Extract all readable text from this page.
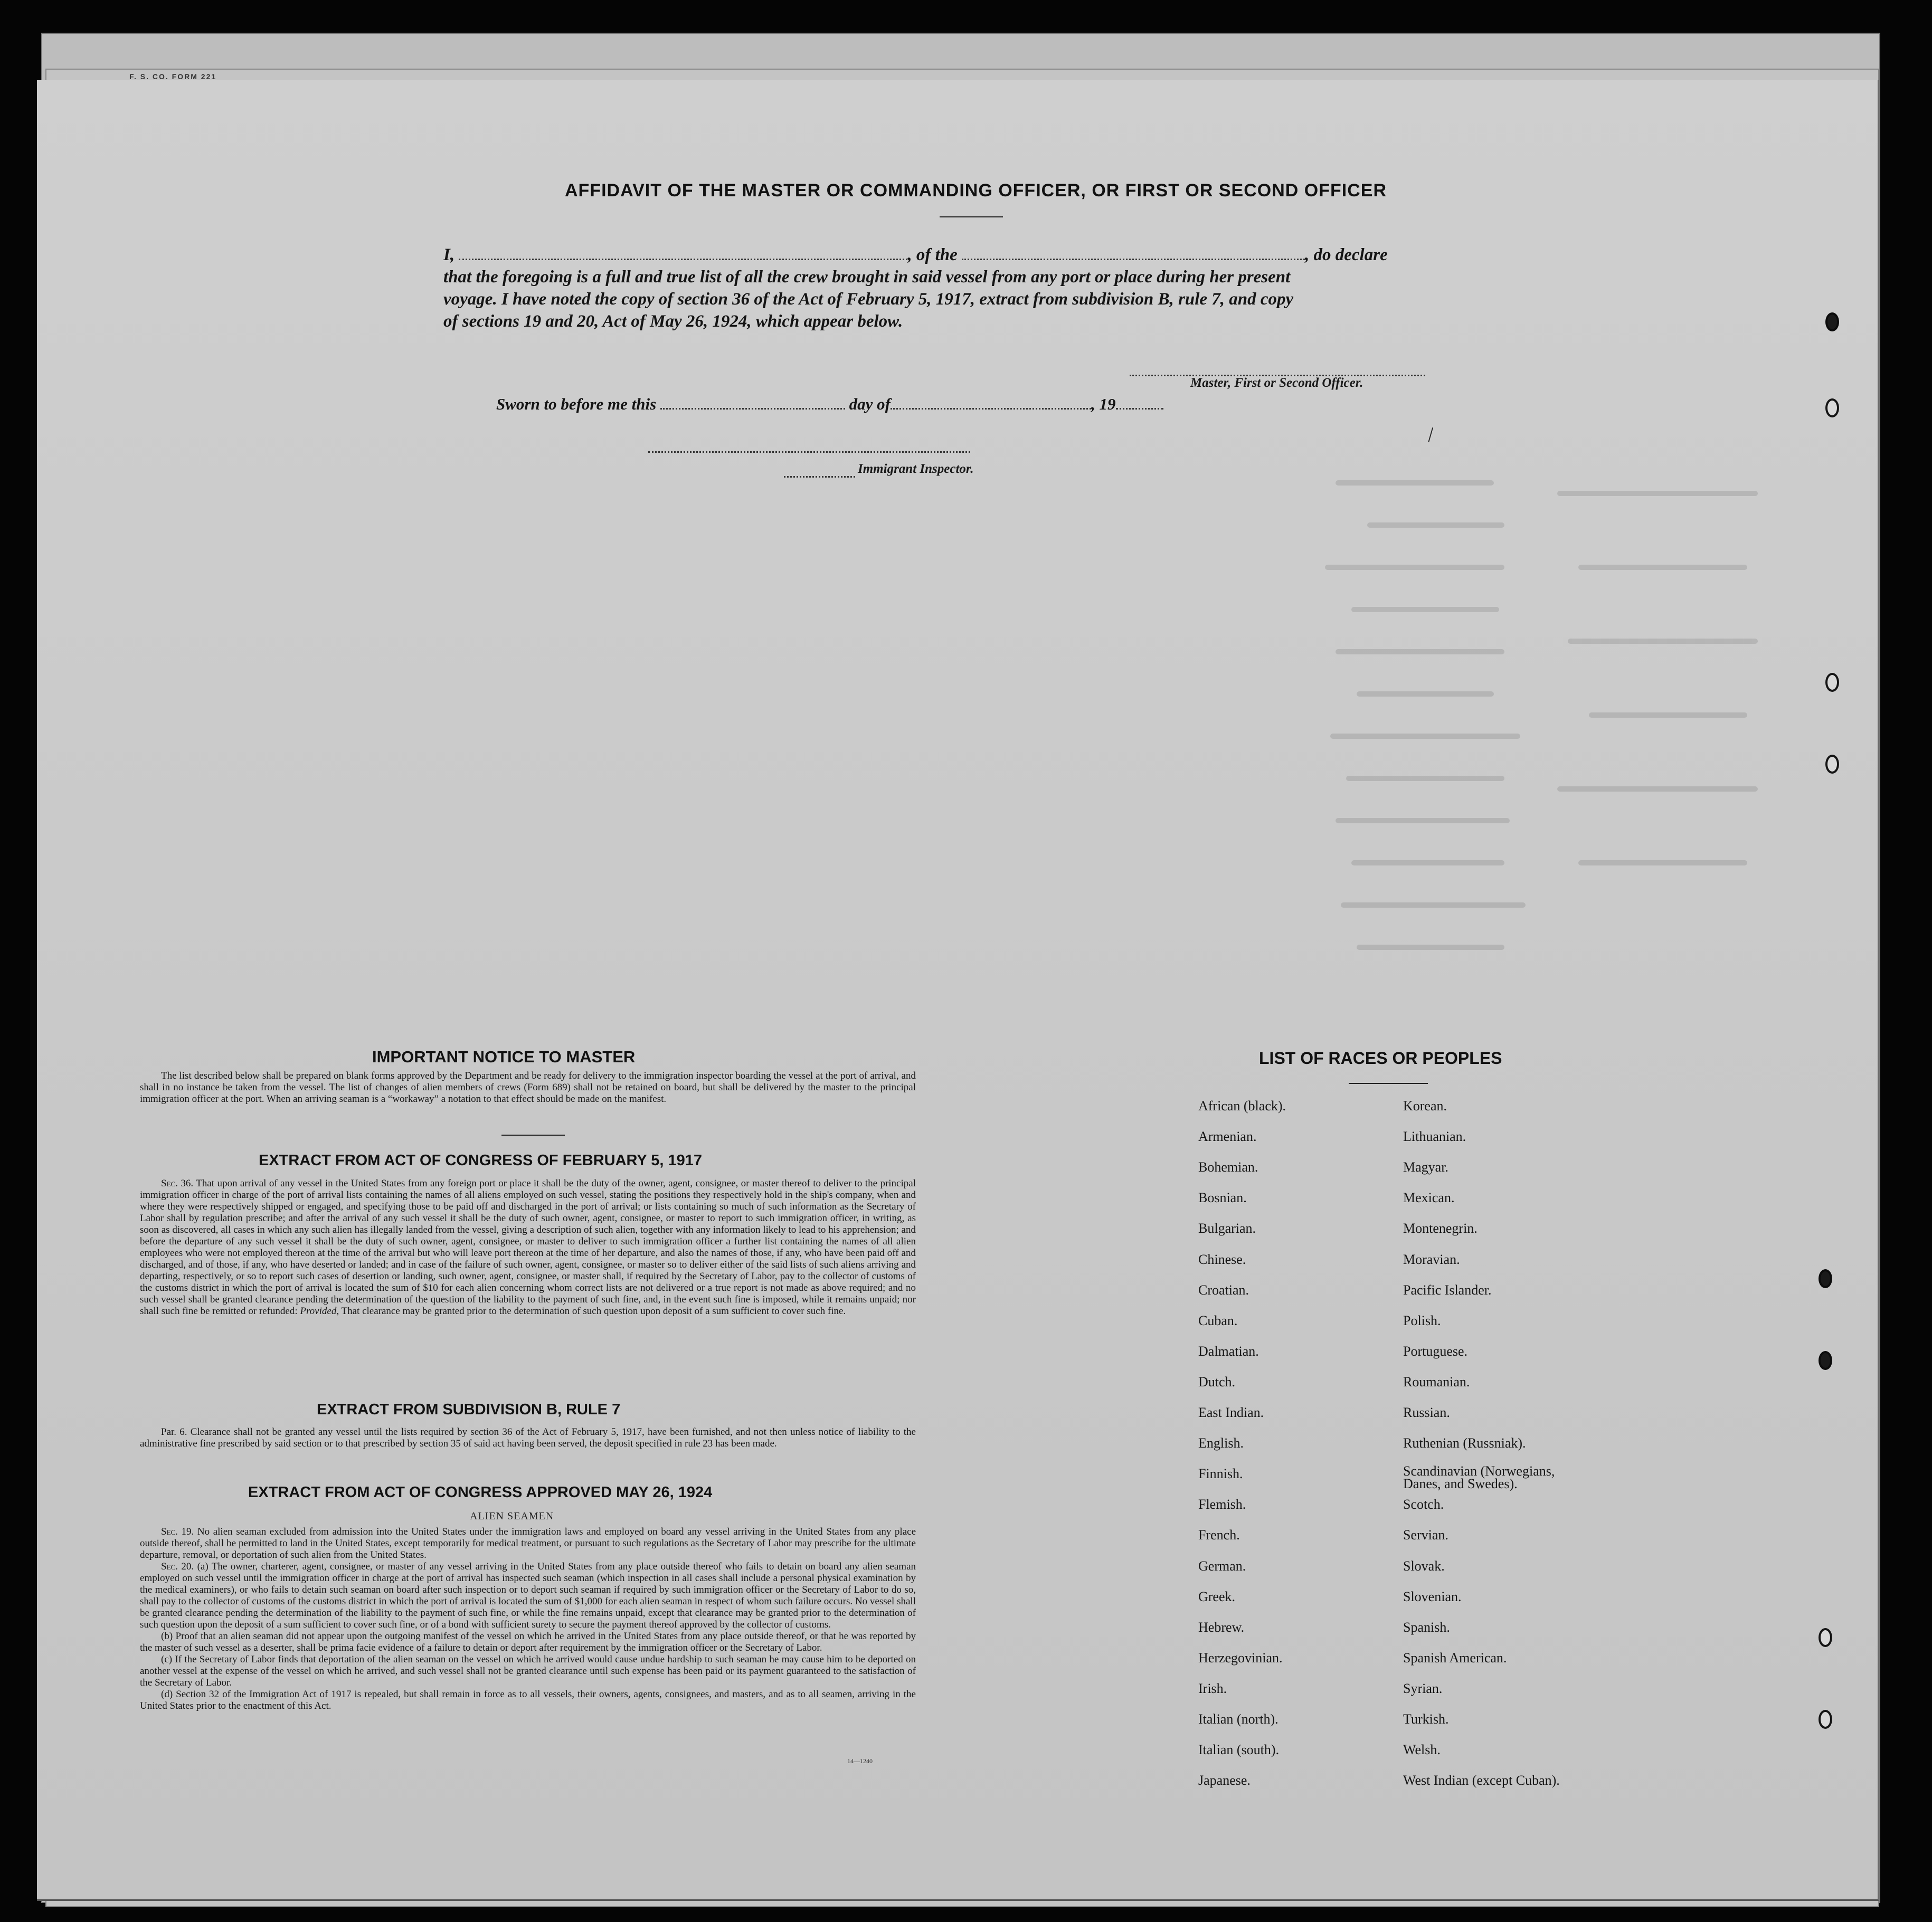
F. S. CO. FORM 221
AFFIDAVIT OF THE MASTER OR COMMANDING OFFICER, OR FIRST OR SECOND OFFICER
I,	, of the	, do declare
that the foregoing is a full and true list of all the crew brought in said vessel from any port or place during her present
voyage. I have noted the copy of section 36 of the Act of February 5, 1917, extract from subdivision B, rule 7, and copy
of sections 19 and 20, Act of May 26, 1924, which appear below.
Master, First or Second Officer.
Sworn to before me this	day of	, 19
\
Immigrant Inspector.
IMPORTANT NOTICE TO MASTER

The list described below shall be prepared on blank forms approved by the Department and be ready for delivery to the immigration inspector boarding the vessel at the port of arrival, and shall in no instance be taken from the vessel. The list of changes of alien members of crews (Form 689) shall not be retained on board, but shall be delivered by the master to the principal immigration officer at the port. When an arriving seaman is a “workaway” a notation to that effect should be made on the manifest.

EXTRACT FROM ACT OF CONGRESS OF FEBRUARY 5, 1917

Sec. 36. That upon arrival of any vessel in the United States from any foreign port or place it shall be the duty of the owner, agent, consignee, or master thereof to deliver to the principal immigration officer in charge of the port of arrival lists containing the names of all aliens employed on such vessel, stating the positions they respectively hold in the ship's company, when and where they were respectively shipped or engaged, and specifying those to be paid off and discharged in the port of arrival; or lists containing so much of such information as the Secretary of Labor shall by regulation prescribe; and after the arrival of any such vessel it shall be the duty of such owner, agent, consignee, or master to report to such immigration officer, in writing, as soon as discovered, all cases in which any such alien has illegally landed from the vessel, giving a description of such alien, together with any information likely to lead to his apprehension; and before the departure of any such vessel it shall be the duty of such owner, agent, consignee, or master to deliver to such immigration officer a further list containing the names of all alien employees who were not employed thereon at the time of the arrival but who will leave port thereon at the time of her departure, and also the names of those, if any, who have been paid off and discharged, and of those, if any, who have deserted or landed; and in case of the failure of such owner, agent, consignee, or master so to deliver either of the said lists of such aliens arriving and departing, respectively, or so to report such cases of desertion or landing, such owner, agent, consignee, or master shall, if required by the Secretary of Labor, pay to the collector of customs of the customs district in which the port of arrival is located the sum of $10 for each alien concerning whom correct lists are not delivered or a true report is not made as above required; and no such vessel shall be granted clearance pending the determination of the question of the liability to the payment of such fine, and, in the event such fine is imposed, while it remains unpaid; nor shall such fine be remitted or refunded: Provided, That clearance may be granted prior to the determination of such question upon deposit of a sum sufficient to cover such fine.

EXTRACT FROM SUBDIVISION B, RULE 7

Par. 6. Clearance shall not be granted any vessel until the lists required by section 36 of the Act of February 5, 1917, have been furnished, and not then unless notice of liability to the administrative fine prescribed by said section or to that prescribed by section 35 of said act having been served, the deposit specified in rule 23 has been made.

EXTRACT FROM ACT OF CONGRESS APPROVED MAY 26, 1924
ALIEN SEAMEN

Sec. 19. No alien seaman excluded from admission into the United States under the immigration laws and employed on board any vessel arriving in the United States from any place outside thereof, shall be permitted to land in the United States, except temporarily for medical treatment, or pursuant to such regulations as the Secretary of Labor may prescribe for the ultimate departure, removal, or deportation of such alien from the United States.

Sec. 20. (a) The owner, charterer, agent, consignee, or master of any vessel arriving in the United States from any place outside thereof who fails to detain on board any alien seaman employed on such vessel until the immigration officer in charge at the port of arrival has inspected such seaman (which inspection in all cases shall include a personal physical examination by the medical examiners), or who fails to detain such seaman on board after such inspection or to deport such seaman if required by such immigration officer or the Secretary of Labor to do so, shall pay to the collector of customs of the customs district in which the port of arrival is located the sum of $1,000 for each alien seaman in respect of whom such failure occurs. No vessel shall be granted clearance pending the determination of the liability to the payment of such fine, or while the fine remains unpaid, except that clearance may be granted prior to the determination of such question upon the deposit of a sum sufficient to cover such fine, or of a bond with sufficient surety to secure the payment thereof approved by the collector of customs.

(b) Proof that an alien seaman did not appear upon the outgoing manifest of the vessel on which he arrived in the United States from any place outside thereof, or that he was reported by the master of such vessel as a deserter, shall be prima facie evidence of a failure to detain or deport after requirement by the immigration officer or the Secretary of Labor.

(c) If the Secretary of Labor finds that deportation of the alien seaman on the vessel on which he arrived would cause undue hardship to such seaman he may cause him to be deported on another vessel at the expense of the vessel on which he arrived, and such vessel shall not be granted clearance until such expense has been paid or its payment guaranteed to the satisfaction of the Secretary of Labor.

(d) Section 32 of the Immigration Act of 1917 is repealed, but shall remain in force as to all vessels, their owners, agents, consignees, and masters, and as to all seamen, arriving in the United States prior to the enactment of this Act.

14—1240
LIST OF RACES OR PEOPLES
African (black).
Armenian.
Bohemian.
Bosnian.
Bulgarian.
Chinese.
Croatian.
Cuban.
Dalmatian.
Dutch.
East Indian.
English.
Finnish.
Flemish.
French.
German.
Greek.
Hebrew.
Herzegovinian.
Irish.
Italian (north).
Italian (south).
Japanese.
Korean.
Lithuanian.
Magyar.
Mexican.
Montenegrin.
Moravian.
Pacific Islander.
Polish.
Portuguese.
Roumanian.
Russian.
Ruthenian (Russniak).
Scandinavian (Norwegians, Danes, and Swedes).
Scotch.
Servian.
Slovak.
Slovenian.
Spanish.
Spanish American.
Syrian.
Turkish.
Welsh.
West Indian (except Cuban).
